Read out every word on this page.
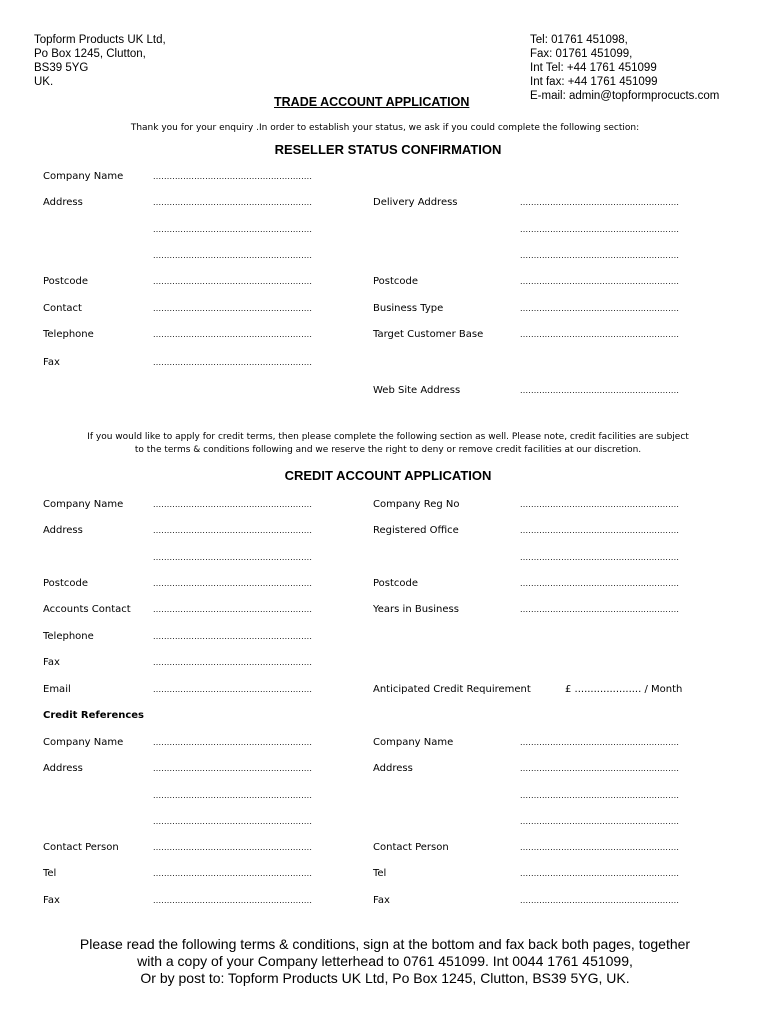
Topform Products UK Ltd,
Po Box 1245, Clutton,
BS39 5YG
UK.
Tel: 01761 451098,
Fax: 01761 451099,
Int Tel: +44 1761 451099
Int fax: +44 1761 451099
E-mail: admin@topformprocucts.com
TRADE ACCOUNT APPLICATION
Thank you for your enquiry .In order to establish your status, we ask if you could complete the following section:
RESELLER STATUS CONFIRMATION
Company Name	..........................................................
Address	..........................................................	Delivery Address	..........................................................
..........................................................	..........................................................
..........................................................	..........................................................
Postcode	..........................................................	Postcode	..........................................................
Contact	..........................................................	Business Type	..........................................................
Telephone	..........................................................	Target Customer Base	..........................................................
Fax	..........................................................
Web Site Address	..........................................................
If you would like to apply for credit terms, then please complete the following section as well. Please note, credit facilities are subject
to the terms & conditions following and we reserve the right to deny or remove credit facilities at our discretion.
CREDIT ACCOUNT APPLICATION
Company Name	..........................................................	Company Reg No	..........................................................
Address	..........................................................	Registered Office	..........................................................
..........................................................	..........................................................
Postcode	..........................................................	Postcode	..........................................................
Accounts Contact	..........................................................	Years in Business	..........................................................
Telephone	..........................................................
Fax	..........................................................
Email	..........................................................	Anticipated Credit Requirement	£ ..................... / Month
Credit References
Company Name	..........................................................	Company Name	..........................................................
Address	..........................................................	Address	..........................................................
..........................................................	..........................................................
..........................................................	..........................................................
Contact Person	..........................................................	Contact Person	..........................................................
Tel	..........................................................	Tel	..........................................................
Fax	..........................................................	Fax	..........................................................
Please read the following terms & conditions, sign at the bottom and fax back both pages, together
with a copy of your Company letterhead to 0761 451099. Int 0044 1761 451099,
Or by post to: Topform Products UK Ltd, Po Box 1245, Clutton, BS39 5YG, UK.
